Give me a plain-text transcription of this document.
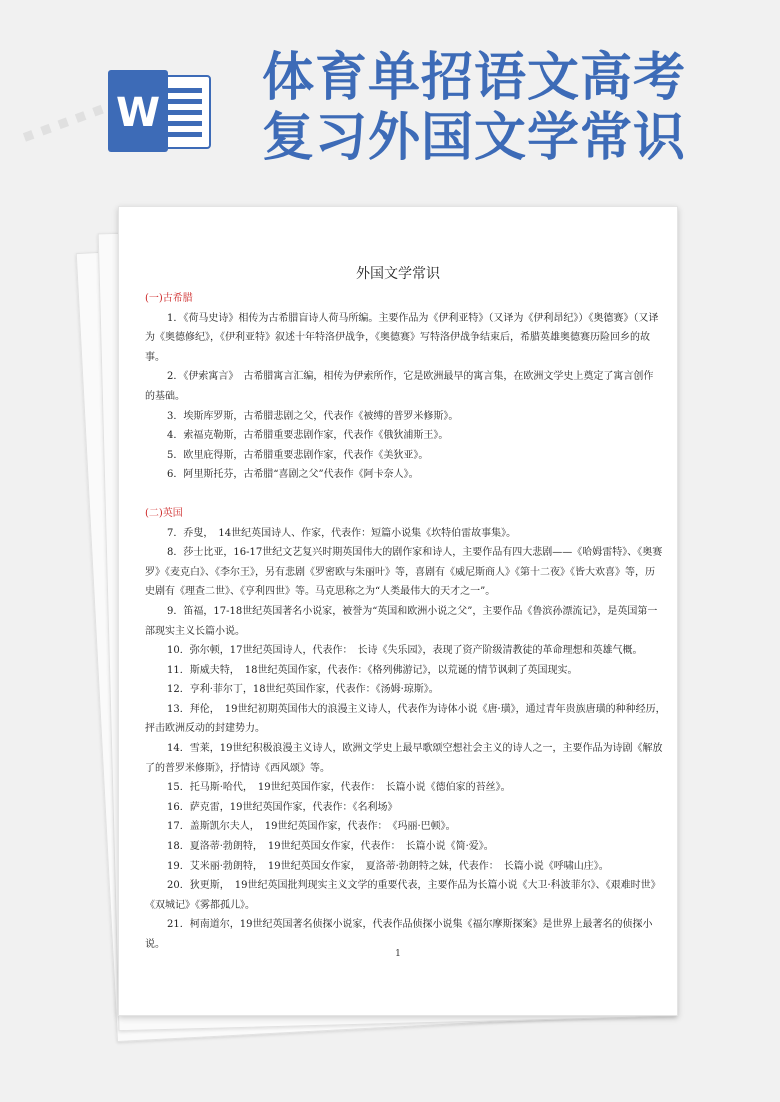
▪ ▪ ▪ ▪ ▪ W
体育单招语文高考
复习外国文学常识
外国文学常识

(一)古希腊

1．《荷马史诗》相传为古希腊盲诗人荷马所编。主要作品为《伊利亚特》（又译为《伊利昂纪》）《奥德赛》（又译为《奥德修纪》，《伊利亚特》叙述十年特洛伊战争，《奥德赛》写特洛伊战争结束后，希腊英雄奥德赛历险回乡的故事。

2．《伊索寓言》　古希腊寓言汇编，相传为伊索所作，它是欧洲最早的寓言集，在欧洲文学史上奠定了寓言创作的基础。

3．埃斯库罗斯，古希腊悲剧之父，代表作《被缚的普罗米修斯》。

4．索福克勒斯，古希腊重要悲剧作家，代表作《俄狄浦斯王》。

5．欧里庇得斯，古希腊重要悲剧作家，代表作《美狄亚》。

6．阿里斯托芬，古希腊“喜剧之父”代表作《阿卡奈人》。

(二)英国

7．乔叟，　14世纪英国诗人、作家，代表作：短篇小说集《坎特伯雷故事集》。

8．莎士比亚，16-17世纪文艺复兴时期英国伟大的剧作家和诗人，主要作品有四大悲剧——《哈姆雷特》、《奥赛罗》《麦克白》、《李尔王》，另有悲剧《罗密欧与朱丽叶》等，喜剧有《威尼斯商人》《第十二夜》《皆大欢喜》等，历史剧有《理查二世》、《亨利四世》等。马克思称之为“人类最伟大的天才之一”。

9．笛福，17-18世纪英国著名小说家，被誉为“英国和欧洲小说之父”，主要作品《鲁滨孙漂流记》，是英国第一部现实主义长篇小说。

10．弥尔顿，17世纪英国诗人，代表作：　长诗《失乐园》，表现了资产阶级清教徒的革命理想和英雄气概。

11．斯威夫特，　18世纪英国作家，代表作：《格列佛游记》，以荒诞的情节讽刺了英国现实。

12．亨利·菲尔丁，18世纪英国作家，代表作：《汤姆·琼斯》。

13．拜伦，　19世纪初期英国伟大的浪漫主义诗人，代表作为诗体小说《唐·璜》，通过青年贵族唐璜的种种经历，　抨击欧洲反动的封建势力。

14．雪莱，19世纪积极浪漫主义诗人，欧洲文学史上最早歌颂空想社会主义的诗人之一，主要作品为诗剧《解放了的普罗米修斯》，抒情诗《西风颂》等。

15．托马斯·哈代，　19世纪英国作家，代表作：　长篇小说《德伯家的苔丝》。

16．萨克雷，19世纪英国作家，代表作：《名利场》

17．盖斯凯尔夫人，　19世纪英国作家，代表作：　《玛丽·巴顿》。

18．夏洛蒂·勃朗特，　19世纪英国女作家，代表作：　长篇小说《简·爱》。

19．艾米丽·勃朗特，　19世纪英国女作家，　夏洛蒂·勃朗特之妹，代表作：　长篇小说《呼啸山庄》。

20．狄更斯，　19世纪英国批判现实主义文学的重要代表，主要作品为长篇小说《大卫·科波菲尔》、《艰难时世》《双城记》《雾都孤儿》。

21．柯南道尔，19世纪英国著名侦探小说家，代表作品侦探小说集《福尔摩斯探案》是世界上最著名的侦探小说。

1
